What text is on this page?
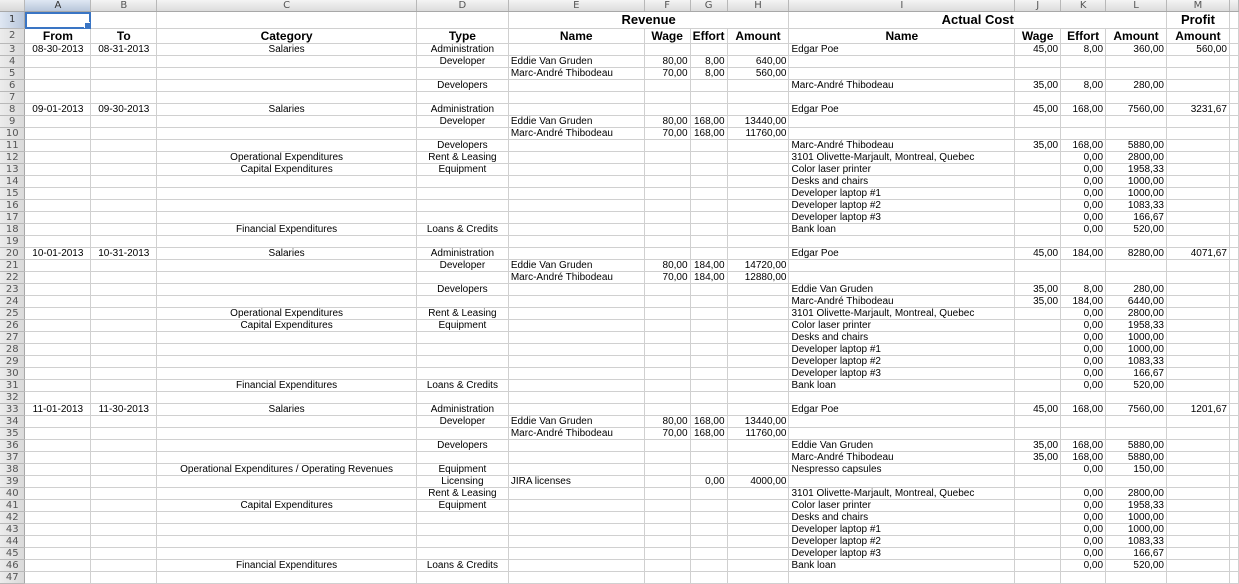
	A	B	C	D	E	F	G	H	I	J	K	L	M	
1					Revenue				Actual Cost				Profit	
2	From	To	Category	Type	Name	Wage	Effort	Amount	Name	Wage	Effort	Amount	Amount	
3	08-30-2013	08-31-2013	Salaries	Administration					Edgar Poe	45,00	8,00	360,00	560,00	
4				Developer	Eddie Van Gruden	80,00	8,00	640,00						
5					Marc-André Thibodeau	70,00	8,00	560,00						
6				Developers					Marc-André Thibodeau	35,00	8,00	280,00		
7														
8	09-01-2013	09-30-2013	Salaries	Administration					Edgar Poe	45,00	168,00	7560,00	3231,67	
9				Developer	Eddie Van Gruden	80,00	168,00	13440,00						
10					Marc-André Thibodeau	70,00	168,00	11760,00						
11				Developers					Marc-André Thibodeau	35,00	168,00	5880,00		
12			Operational Expenditures	Rent & Leasing					3101 Olivette-Marjault, Montreal, Quebec		0,00	2800,00		
13			Capital Expenditures	Equipment					Color laser printer		0,00	1958,33		
14									Desks and chairs		0,00	1000,00		
15									Developer laptop #1		0,00	1000,00		
16									Developer laptop #2		0,00	1083,33		
17									Developer laptop #3		0,00	166,67		
18			Financial Expenditures	Loans & Credits					Bank loan		0,00	520,00		
19														
20	10-01-2013	10-31-2013	Salaries	Administration					Edgar Poe	45,00	184,00	8280,00	4071,67	
21				Developer	Eddie Van Gruden	80,00	184,00	14720,00						
22					Marc-André Thibodeau	70,00	184,00	12880,00						
23				Developers					Eddie Van Gruden	35,00	8,00	280,00		
24									Marc-André Thibodeau	35,00	184,00	6440,00		
25			Operational Expenditures	Rent & Leasing					3101 Olivette-Marjault, Montreal, Quebec		0,00	2800,00		
26			Capital Expenditures	Equipment					Color laser printer		0,00	1958,33		
27									Desks and chairs		0,00	1000,00		
28									Developer laptop #1		0,00	1000,00		
29									Developer laptop #2		0,00	1083,33		
30									Developer laptop #3		0,00	166,67		
31			Financial Expenditures	Loans & Credits					Bank loan		0,00	520,00		
32														
33	11-01-2013	11-30-2013	Salaries	Administration					Edgar Poe	45,00	168,00	7560,00	1201,67	
34				Developer	Eddie Van Gruden	80,00	168,00	13440,00						
35					Marc-André Thibodeau	70,00	168,00	11760,00						
36				Developers					Eddie Van Gruden	35,00	168,00	5880,00		
37									Marc-André Thibodeau	35,00	168,00	5880,00		
38			Operational Expenditures / Operating Revenues	Equipment					Nespresso capsules		0,00	150,00		
39				Licensing	JIRA licenses		0,00	4000,00						
40				Rent & Leasing					3101 Olivette-Marjault, Montreal, Quebec		0,00	2800,00		
41			Capital Expenditures	Equipment					Color laser printer		0,00	1958,33		
42									Desks and chairs		0,00	1000,00		
43									Developer laptop #1		0,00	1000,00		
44									Developer laptop #2		0,00	1083,33		
45									Developer laptop #3		0,00	166,67		
46			Financial Expenditures	Loans & Credits					Bank loan		0,00	520,00		
47														
